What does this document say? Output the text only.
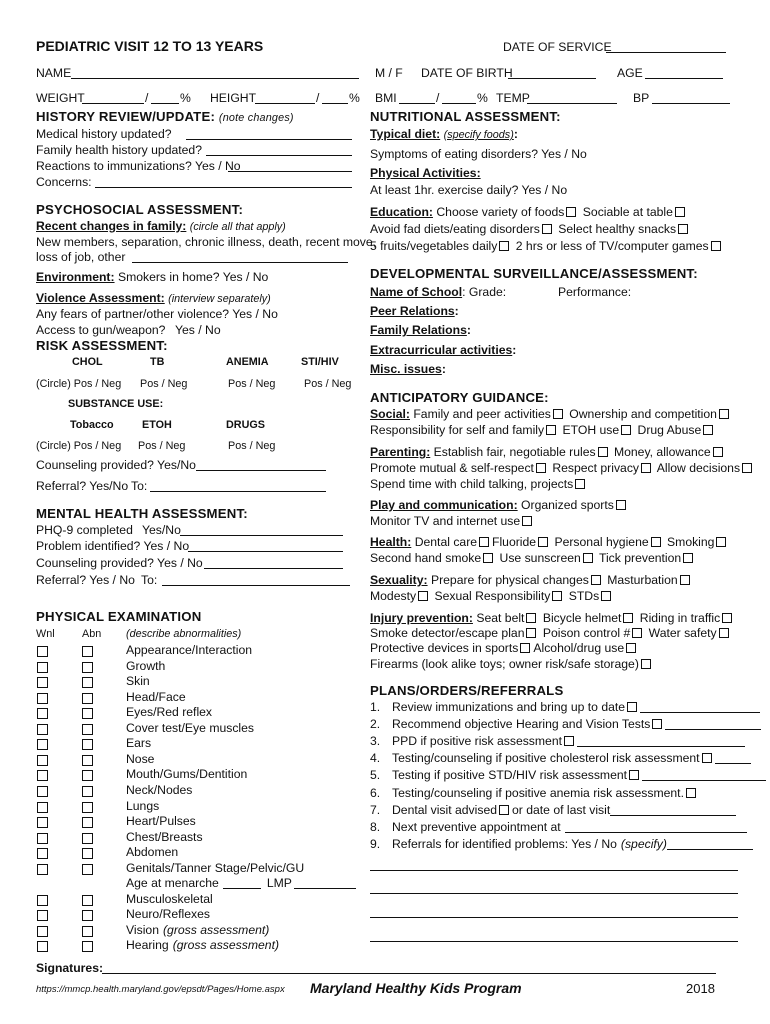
PEDIATRIC VISIT 12 TO 13 YEARS	DATE OF SERVICE
NAME	M / F DATE OF BIRTH	AGE
WEIGHT	/	% HEIGHT	/ % BMI	/	% TEMP	BP
HISTORY REVIEW/UPDATE: (note changes)
Medical history updated?
Family health history updated?
Reactions to immunizations? Yes / No
Concerns:
PSYCHOSOCIAL ASSESSMENT:
Recent changes in family: (circle all that apply)
New members, separation, chronic illness, death, recent move,
loss of job, other
Environment: Smokers in home? Yes / No
Violence Assessment: (interview separately)
Any fears of partner/other violence? Yes / No
Access to gun/weapon? Yes / No
RISK ASSESSMENT:
CHOL	TB	ANEMIA	STI/HIV
(Circle) Pos / Neg Pos / Neg	Pos / Neg	Pos / Neg
SUBSTANCE USE:
Tobacco	ETOH	DRUGS
(Circle) Pos / Neg Pos / Neg	Pos / Neg
Counseling provided? Yes/No
Referral? Yes/No To:
MENTAL HEALTH ASSESSMENT:
PHQ-9 completed Yes/No
Problem identified? Yes / No
Counseling provided? Yes / No
Referral? Yes / No To:
PHYSICAL EXAMINATION
Wnl	Abn (describe abnormalities)
Appearance/Interaction
Growth
Skin
Head/Face
Eyes/Red reflex
Cover test/Eye muscles
Ears
Nose
Mouth/Gums/Dentition
Neck/Nodes
Lungs
Heart/Pulses
Chest/Breasts
Abdomen
Genitals/Tanner Stage/Pelvic/GU
Age at menarche	LMP
Musculoskeletal
Neuro/Reflexes
Vision (gross assessment)
Hearing (gross assessment)
NUTRITIONAL ASSESSMENT:
Typical diet: (specify foods):
Symptoms of eating disorders? Yes / No
Physical Activities:
At least 1hr. exercise daily? Yes / No
Education: Choose variety of foods Sociable at table
Avoid fad diets/eating disorders Select healthy snacks
5 fruits/vegetables daily 2 hrs or less of TV/computer games
DEVELOPMENTAL SURVEILLANCE/ASSESSMENT:
Name of School: Grade:	Performance:
Peer Relations:
Family Relations:
Extracurricular activities:
Misc. issues:
ANTICIPATORY GUIDANCE:
Social: Family and peer activities Ownership and competition
Responsibility for self and family ETOH use Drug Abuse
Parenting: Establish fair, negotiable rules Money, allowance
Promote mutual & self-respect Respect privacy Allow decisions
Spend time with child talking, projects
Play and communication: Organized sports
Monitor TV and internet use
Health: Dental care Fluoride Personal hygiene Smoking
Second hand smoke Use sunscreen Tick prevention
Sexuality: Prepare for physical changes Masturbation
Modesty Sexual Responsibility STDs
Injury prevention: Seat belt Bicycle helmet Riding in traffic
Smoke detector/escape plan Poison control # Water safety
Protective devices in sports Alcohol/drug use
Firearms (look alike toys; owner risk/safe storage)
PLANS/ORDERS/REFERRALS
1. Review immunizations and bring up to date
2. Recommend objective Hearing and Vision Tests
3. PPD if positive risk assessment
4. Testing/counseling if positive cholesterol risk assessment
5. Testing if positive STD/HIV risk assessment
6. Testing/counseling if positive anemia risk assessment.
7. Dental visit advised or date of last visit
8. Next preventive appointment at
9. Referrals for identified problems: Yes / No (specify)
Signatures:
https://mmcp.health.maryland.gov/epsdt/Pages/Home.aspx Maryland Healthy Kids Program	2018
